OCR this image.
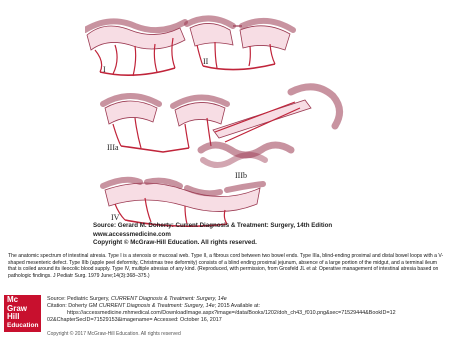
I
II
IIIa
IIIb
IV
Source: Gerard M. Doherty: Current Diagnosis & Treatment: Surgery, 14th Edition
www.accessmedicine.com
Copyright © McGraw-Hill Education. All rights reserved.
The anatomic spectrum of intestinal atresia. Type I is a stenosis or mucosal web. Type II, a fibrous cord between two bowel ends. Type IIIa, blind-ending proximal and distal bowel loops with a V-shaped mesenteric defect. Type IIIb (apple peel deformity, Christmas tree deformity) consists of a blind ending proximal jejunum, absence of a large portion of the midgut, and a terminal ileum that is coiled around its ileocolic blood supply. Type IV, multiple atresias of any kind. (Reproduced, with permission, from Grosfeld JL et al: Operative management of intestinal atresia based on pathologic findings. J Pediatr Surg. 1979 June;14(3):368–375.)
Mc
Graw
Hill
Education
Source: Pediatric Surgery, CURRENT Diagnosis & Treatment: Surgery, 14e
Citation: Doherty GM CURRENT Diagnosis & Treatment: Surgery, 14e; 2015 Available at:
https://accessmedicine.mhmedical.com/DownloadImage.aspx?image=/data/Books/1202/doh_ch43_f010.png&sec=71529444&BookID=12
02&ChapterSecID=71529153&imagename= Accessed: October 16, 2017
Copyright © 2017 McGraw-Hill Education. All rights reserved
